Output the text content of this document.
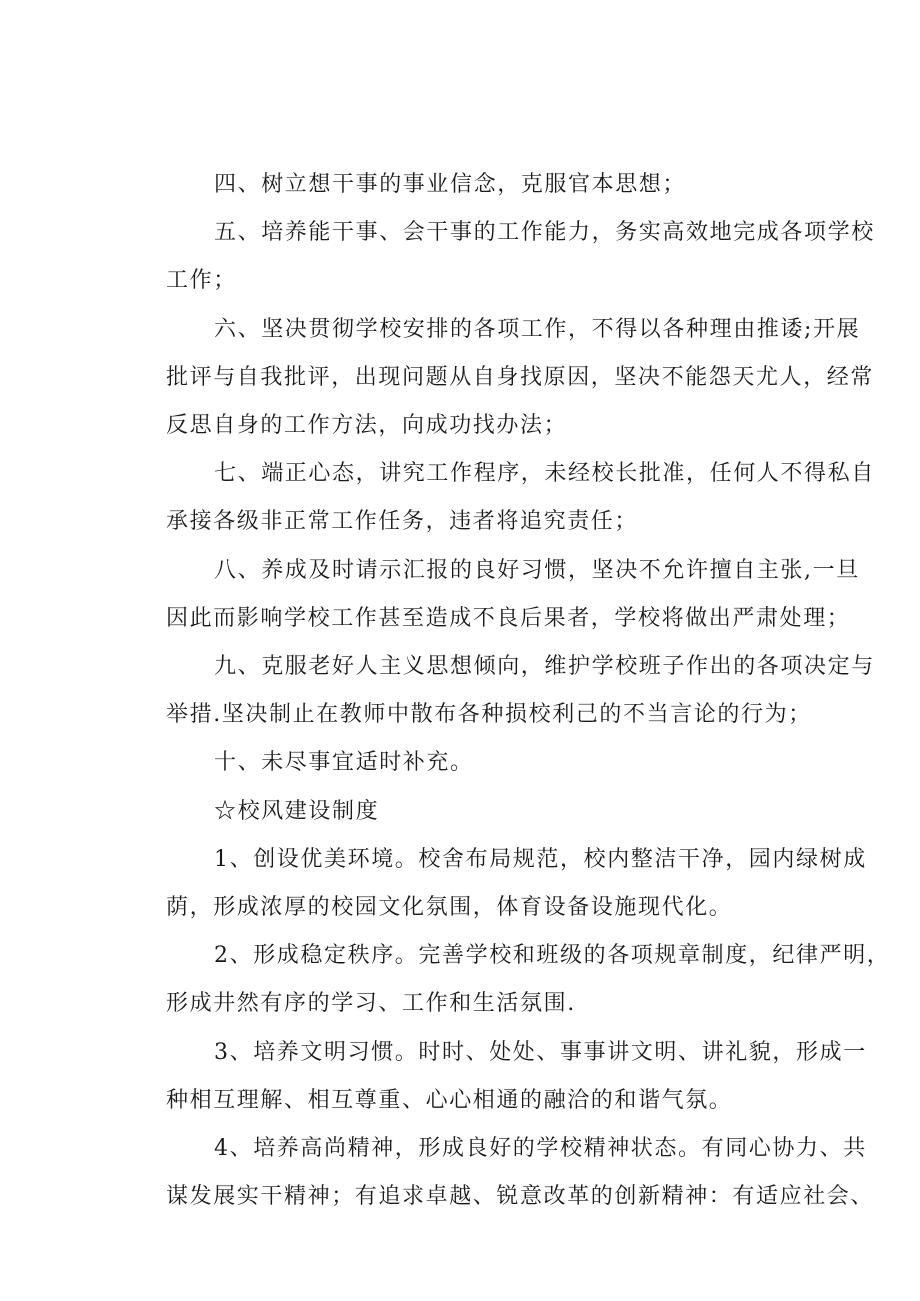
四、树立想干事的事业信念，克服官本思想；
五、培养能干事、会干事的工作能力，务实高效地完成各项学校
工作；
六、坚决贯彻学校安排的各项工作，不得以各种理由推诿;开展
批评与自我批评，出现问题从自身找原因，坚决不能怨天尤人，经常
反思自身的工作方法，向成功找办法；
七、端正心态，讲究工作程序，未经校长批准，任何人不得私自
承接各级非正常工作任务，违者将追究责任；
八、养成及时请示汇报的良好习惯，坚决不允许擅自主张,一旦
因此而影响学校工作甚至造成不良后果者，学校将做出严肃处理；
九、克服老好人主义思想倾向，维护学校班子作出的各项决定与
举措.坚决制止在教师中散布各种损校利己的不当言论的行为；
十、未尽事宜适时补充。
☆校风建设制度
1、创设优美环境。校舍布局规范，校内整洁干净，园内绿树成
荫，形成浓厚的校园文化氛围，体育设备设施现代化。
2、形成稳定秩序。完善学校和班级的各项规章制度，纪律严明，
形成井然有序的学习、工作和生活氛围.
3、培养文明习惯。时时、处处、事事讲文明、讲礼貌，形成一
种相互理解、相互尊重、心心相通的融洽的和谐气氛。
4、培养高尚精神，形成良好的学校精神状态。有同心协力、共
谋发展实干精神；有追求卓越、锐意改革的创新精神：有适应社会、
